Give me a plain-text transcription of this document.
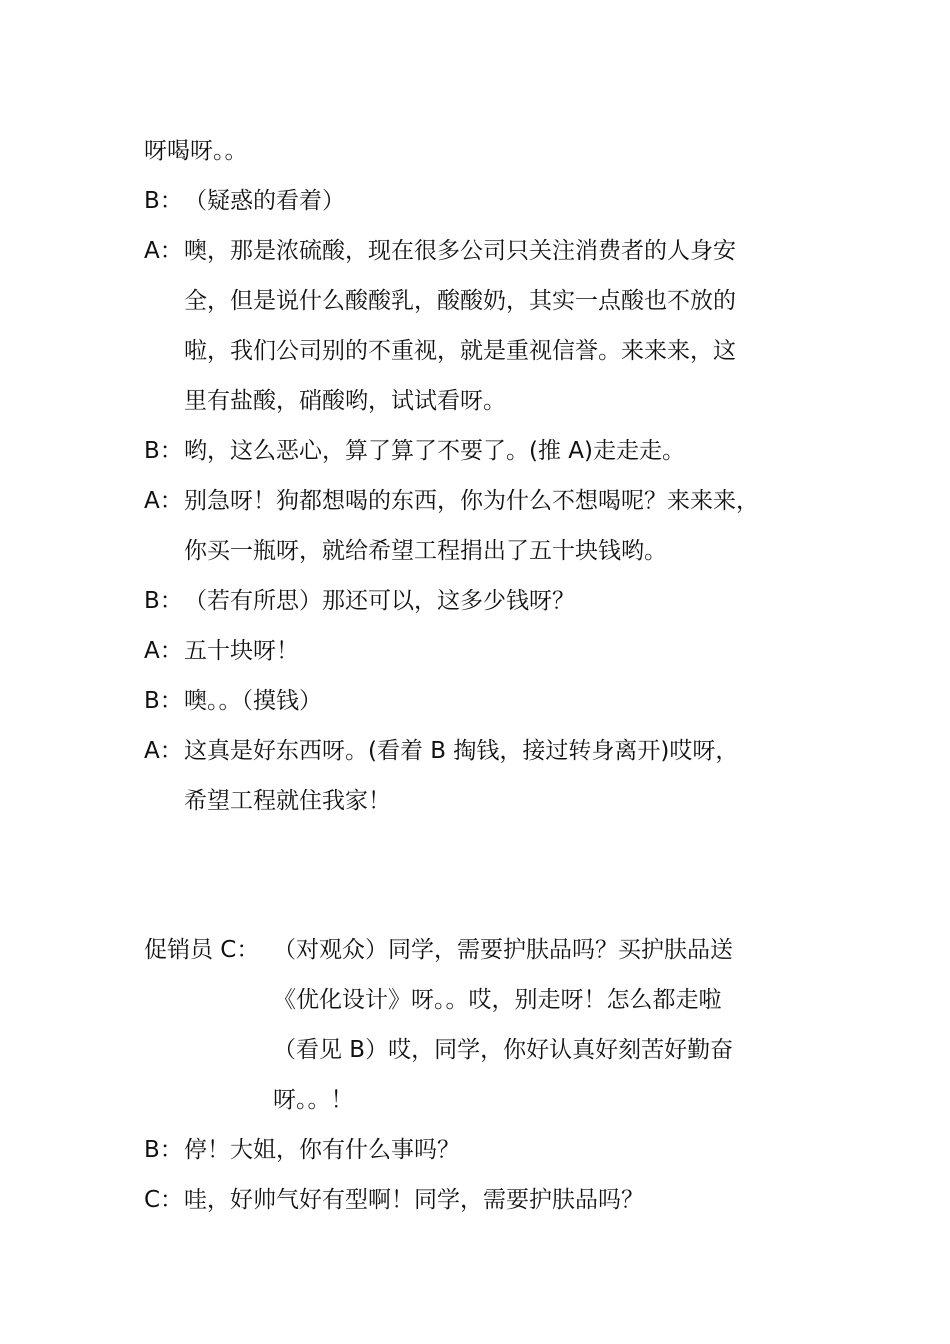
呀喝呀。。
B：（疑惑的看着）
A：噢，那是浓硫酸，现在很多公司只关注消费者的人身安
全，但是说什么酸酸乳，酸酸奶，其实一点酸也不放的
啦，我们公司别的不重视，就是重视信誉。来来来，这
里有盐酸，硝酸哟，试试看呀。
B：哟，这么恶心，算了算了不要了。(推 A)走走走。
A：别急呀！狗都想喝的东西，你为什么不想喝呢？来来来，
你买一瓶呀，就给希望工程捐出了五十块钱哟。
B：（若有所思）那还可以，这多少钱呀？
A：五十块呀！
B：噢。。（摸钱）
A：这真是好东西呀。(看着 B 掏钱，接过转身离开)哎呀，
希望工程就住我家！
促销员 C： （对观众）同学，需要护肤品吗？买护肤品送
《优化设计》呀。。哎，别走呀！怎么都走啦
（看见 B）哎，同学，你好认真好刻苦好勤奋
呀。。！
B：停！大姐，你有什么事吗？
C：哇，好帅气好有型啊！同学，需要护肤品吗？
